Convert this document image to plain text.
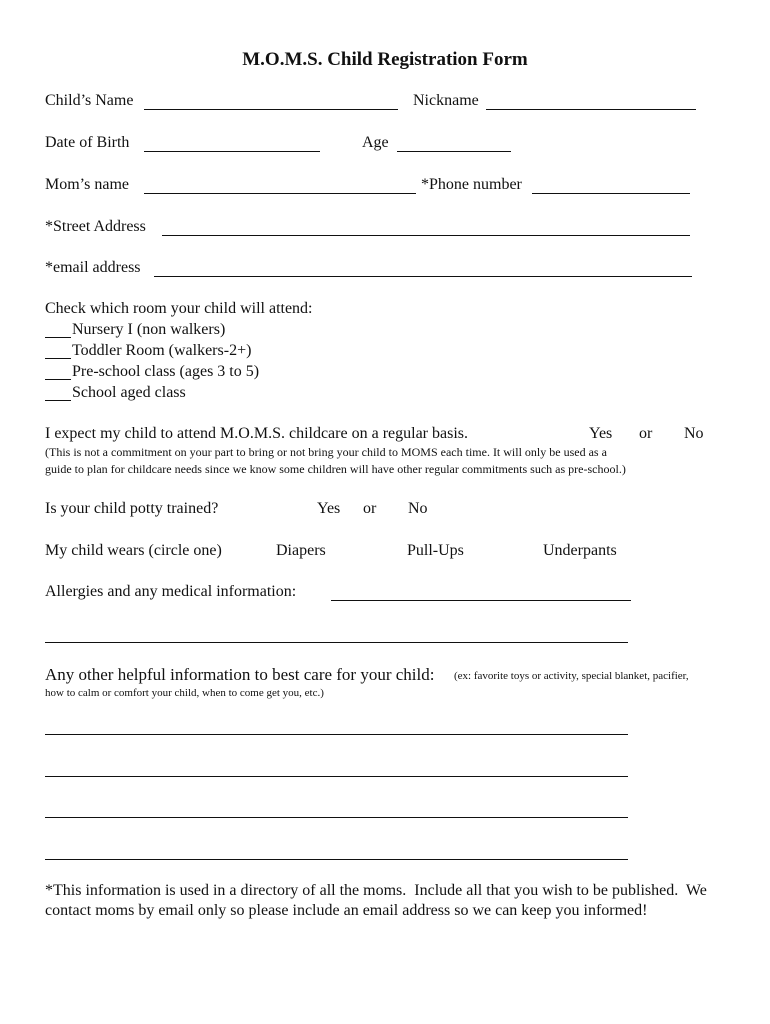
M.O.M.S. Child Registration Form
Child’s Name	Nickname
Date of Birth	Age
Mom’s name	*Phone number
*Street Address
*email address
Check which room your child will attend:
Nursery I (non walkers)
Toddler Room (walkers-2+)
Pre-school class (ages 3 to 5)
School aged class
I expect my child to attend M.O.M.S. childcare on a regular basis.	Yes or No
(This is not a commitment on your part to bring or not bring your child to MOMS each time. It will only be used as a
guide to plan for childcare needs since we know some children will have other regular commitments such as pre-school.)
Is your child potty trained?	Yes or No
My child wears (circle one)	Diapers	Pull-Ups	Underpants
Allergies and any medical information:
Any other helpful information to best care for your child: (ex: favorite toys or activity, special blanket, pacifier,
how to calm or comfort your child, when to come get you, etc.)
*This information is used in a directory of all the moms.  Include all that you wish to be published.  We
contact moms by email only so please include an email address so we can keep you informed!
